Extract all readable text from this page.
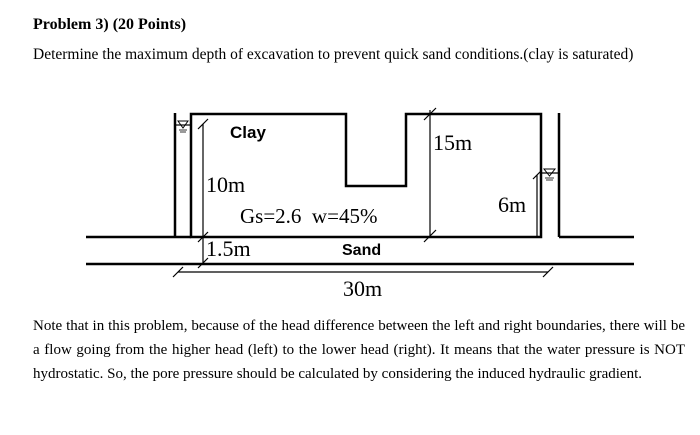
Problem 3) (20 Points)
Determine the maximum depth of excavation to prevent quick sand conditions.(clay is saturated)
Clay
Sand
10m
15m
6m
1.5m
30m
Gs=2.6  w=45%
Note that in this problem, because of the head difference between the left and right boundaries, there will be a flow going from the higher head (left) to the lower head (right). It means that the water pressure is NOT hydrostatic. So, the pore pressure should be calculated by considering the induced hydraulic gradient.
